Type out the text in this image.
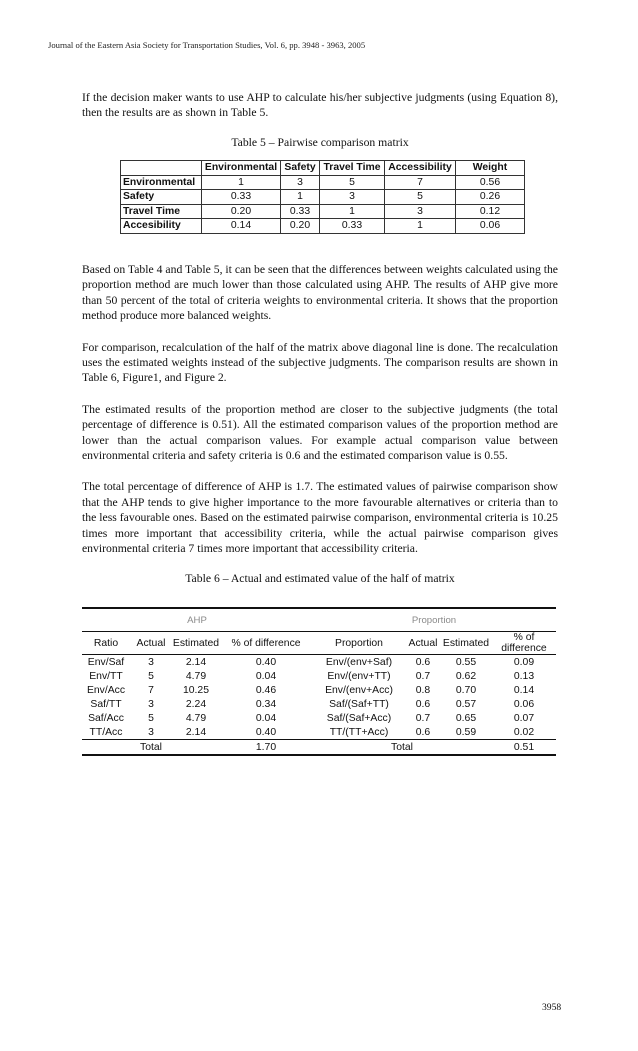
Journal of the Eastern Asia Society for Transportation Studies, Vol. 6, pp. 3948 - 3963, 2005

If the decision maker wants to use AHP to calculate his/her subjective judgments (using Equation 8), then the results are as shown in Table 5.

Table 5 – Pairwise comparison matrix

	Environmental	Safety	Travel Time	Accessibility	Weight
Environmental	1	3	5	7	0.56
Safety	0.33	1	3	5	0.26
Travel Time	0.20	0.33	1	3	0.12
Accesibility	0.14	0.20	0.33	1	0.06

Based on Table 4 and Table 5, it can be seen that the differences between weights calculated using the proportion method are much lower than those calculated using AHP. The results of AHP give more than 50 percent of the total of criteria weights to environmental criteria. It shows that the proportion method produce more balanced weights.

For comparison, recalculation of the half of the matrix above diagonal line is done. The recalculation uses the estimated weights instead of the subjective judgments. The comparison results are shown in Table 6, Figure1, and Figure 2.

The estimated results of the proportion method are closer to the subjective judgments (the total percentage of difference is 0.51). All the estimated comparison values of the proportion method are lower than the actual comparison values. For example actual comparison value between environmental criteria and safety criteria is 0.6 and the estimated comparison value is 0.55.

The total percentage of difference of AHP is 1.7. The estimated values of pairwise comparison show that the AHP tends to give higher importance to the more favourable alternatives or criteria than to the less favourable ones. Based on the estimated pairwise comparison, environmental criteria is 10.25 times more important that accessibility criteria, while the actual pairwise comparison gives environmental criteria 7 times more important that accessibility criteria.

Table 6 – Actual and estimated value of the half of matrix

AHP				Proportion			
Ratio	Actual	Estimated	% of difference	Proportion	Actual	Estimated	% of difference
Env/Saf	3	2.14	0.40	Env/(env+Saf)	0.6	0.55	0.09
Env/TT	5	4.79	0.04	Env/(env+TT)	0.7	0.62	0.13
Env/Acc	7	10.25	0.46	Env/(env+Acc)	0.8	0.70	0.14
Saf/TT	3	2.24	0.34	Saf/(Saf+TT)	0.6	0.57	0.06
Saf/Acc	5	4.79	0.04	Saf/(Saf+Acc)	0.7	0.65	0.07
TT/Acc	3	2.14	0.40	TT/(TT+Acc)	0.6	0.59	0.02
Total			1.70	Total			0.51
3958
